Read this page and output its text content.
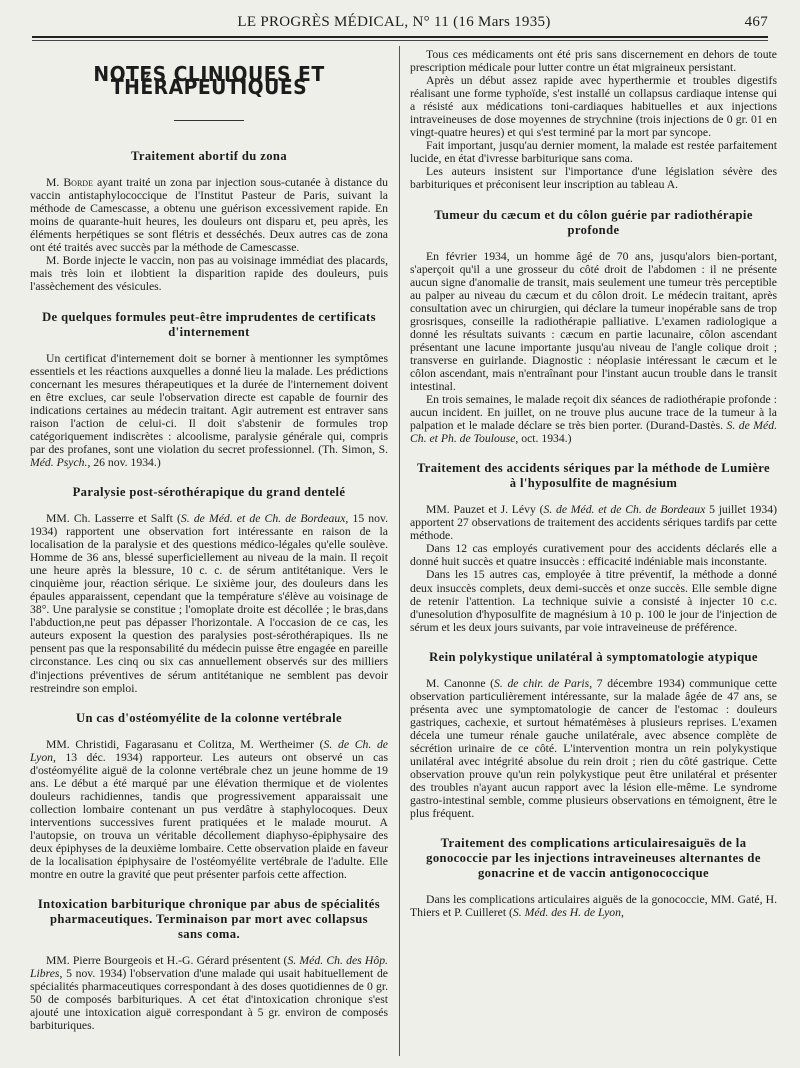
LE PROGRÈS MÉDICAL, N° 11 (16 Mars 1935)	467
NOTES CLINIQUES ET THÉRAPEUTIQUES
Traitement abortif du zona

M. Borde ayant traité un zona par injection sous-cutanée à distance du vaccin antistaphylococcique de l'Institut Pasteur de Paris, suivant la méthode de Camescasse, a obtenu une guérison excessivement rapide. En moins de quarante-huit heures, les douleurs ont disparu et, peu après, les éléments herpétiques se sont flétris et desséchés. Deux autres cas de zona ont été traités avec succès par la méthode de Camescasse.

M. Borde injecte le vaccin, non pas au voisinage immédiat des placards, mais très loin et ilobtient la disparition rapide des douleurs, puis l'assèchement des vésicules.

De quelques formules peut-être imprudentes de certificats d'internement

Un certificat d'internement doit se borner à mentionner les symptômes essentiels et les réactions auxquelles a donné lieu la malade. Les prédictions concernant les mesures thérapeutiques et la durée de l'internement doivent en être exclues, car seule l'observation directe est capable de fournir des indications certaines au médecin traitant. Agir autrement est entraver sans raison l'action de celui-ci. Il doit s'abstenir de formules trop catégoriquement indiscrètes : alcoolisme, paralysie générale qui, compris par des profanes, sont une violation du secret professionnel. (Th. Simon, S. Méd. Psych., 26 nov. 1934.)

Paralysie post-sérothérapique du grand dentelé

MM. Ch. Lasserre et Salft (S. de Méd. et de Ch. de Bordeaux, 15 nov. 1934) rapportent une observation fort intéressante en raison de la localisation de la paralysie et des questions médico-légales qu'elle soulève. Homme de 36 ans, blessé superficiellement au niveau de la main. Il reçoit une heure après la blessure, 10 c. c. de sérum antitétanique. Vers le cinquième jour, réaction sérique. Le sixième jour, des douleurs dans les épaules apparaissent, cependant que la température s'élève au voisinage de 38°. Une paralysie se constitue ; l'omoplate droite est décollée ; le bras,dans l'abduction,ne peut pas dépasser l'horizontale. A l'occasion de ce cas, les auteurs exposent la question des paralysies post-sérothérapiques. Ils ne pensent pas que la responsabilité du médecin puisse être engagée en pareille circonstance. Les cinq ou six cas annuellement observés sur des milliers d'injections préventives de sérum antitétanique ne semblent pas devoir restreindre son emploi.

Un cas d'ostéomyélite de la colonne vertébrale

MM. Christidi, Fagarasanu et Colitza, M. Wertheimer (S. de Ch. de Lyon, 13 déc. 1934) rapporteur. Les auteurs ont observé un cas d'ostéomyélite aiguë de la colonne vertébrale chez un jeune homme de 19 ans. Le début a été marqué par une élévation thermique et de violentes douleurs rachidiennes, tandis que progressivement apparaissait une collection lombaire contenant un pus verdâtre à staphylocoques. Deux interventions successives furent pratiquées et le malade mourut. A l'autopsie, on trouva un véritable décollement diaphyso-épiphysaire des deux épiphyses de la deuxième lombaire. Cette observation plaide en faveur de la localisation épiphysaire de l'ostéomyélite vertébrale de l'adulte. Elle montre en outre la gravité que peut présenter parfois cette affection.

Intoxication barbiturique chronique par abus de spécialités pharmaceutiques. Terminaison par mort avec collapsus sans coma.

MM. Pierre Bourgeois et H.-G. Gérard présentent (S. Méd. Ch. des Hôp. Libres, 5 nov. 1934) l'observation d'une malade qui usait habituellement de spécialités pharmaceutiques correspondant à des doses quotidiennes de 0 gr. 50 de composés barbituriques. A cet état d'intoxication chronique s'est ajouté une intoxication aiguë correspondant à 5 gr. environ de composés barbituriques.

Tous ces médicaments ont été pris sans discernement en dehors de toute prescription médicale pour lutter contre un état migraineux persistant.

Après un début assez rapide avec hyperthermie et troubles digestifs réalisant une forme typhoïde, s'est installé un collapsus cardiaque intense qui a résisté aux médications toni-cardiaques habituelles et aux injections intraveineuses de dose moyennes de strychnine (trois injections de 0 gr. 01 en vingt-quatre heures) et qui s'est terminé par la mort par syncope.

Fait important, jusqu'au dernier moment, la malade est restée parfaitement lucide, en état d'ivresse barbiturique sans coma.

Les auteurs insistent sur l'importance d'une législation sévère des barbituriques et préconisent leur inscription au tableau A.

Tumeur du cæcum et du côlon guérie par radiothérapie profonde

En février 1934, un homme âgé de 70 ans, jusqu'alors bien-portant, s'aperçoit qu'il a une grosseur du côté droit de l'abdomen : il ne présente aucun signe d'anomalie de transit, mais seulement une tumeur très perceptible au palper au niveau du cæcum et du côlon droit. Le médecin traitant, après consultation avec un chirurgien, qui déclare la tumeur inopérable sans de trop grosrisques, conseille la radiothérapie palliative. L'examen radiologique a donné les résultats suivants : cæcum en partie lacunaire, côlon ascendant présentant une lacune importante jusqu'au niveau de l'angle colique droit ; transverse en guirlande. Diagnostic : néoplasie intéressant le cæcum et le côlon ascendant, mais n'entraînant pour l'instant aucun trouble dans le transit intestinal.

En trois semaines, le malade reçoit dix séances de radiothérapie profonde : aucun incident. En juillet, on ne trouve plus aucune trace de la tumeur à la palpation et le malade déclare se très bien porter. (Durand-Dastès. S. de Méd. Ch. et Ph. de Toulouse, oct. 1934.)

Traitement des accidents sériques par la méthode de Lumière à l'hyposulfite de magnésium

MM. Pauzet et J. Lévy (S. de Méd. et de Ch. de Bordeaux 5 juillet 1934) apportent 27 observations de traitement des accidents sériques tardifs par cette méthode.

Dans 12 cas employés curativement pour des accidents déclarés elle a donné huit succès et quatre insuccès : efficacité indéniable mais inconstante.

Dans les 15 autres cas, employée à titre préventif, la méthode a donné deux insuccès complets, deux demi-succès et onze succès. Elle semble digne de retenir l'attention. La technique suivie a consisté à injecter 10 c.c. d'unesolution d'hyposulfite de magnésium à 10 p. 100 le jour de l'injection de sérum et les deux jours suivants, par voie intraveineuse de préférence.

Rein polykystique unilatéral à symptomatologie atypique

M. Canonne (S. de chir. de Paris, 7 décembre 1934) communique cette observation particulièrement intéressante, sur la malade âgée de 47 ans, se présenta avec une symptomatologie de cancer de l'estomac : douleurs gastriques, cachexie, et surtout hématémèses à plusieurs reprises. L'examen décela une tumeur rénale gauche unilatérale, avec absence complète de sécrétion urinaire de ce côté. L'intervention montra un rein polykystique unilatéral avec intégrité absolue du rein droit ; rien du côté gastrique. Cette observation prouve qu'un rein polykystique peut être unilatéral et présenter des troubles n'ayant aucun rapport avec la lésion elle-même. Le syndrome gastro-intestinal semble, comme plusieurs observations en témoignent, être le plus fréquent.

Traitement des complications articulairesaiguës de la gonococcie par les injections intraveineuses alternantes de gonacrine et de vaccin antigonococcique

Dans les complications articulaires aiguës de la gonococcie, MM. Gaté, H. Thiers et P. Cuilleret (S. Méd. des H. de Lyon,
